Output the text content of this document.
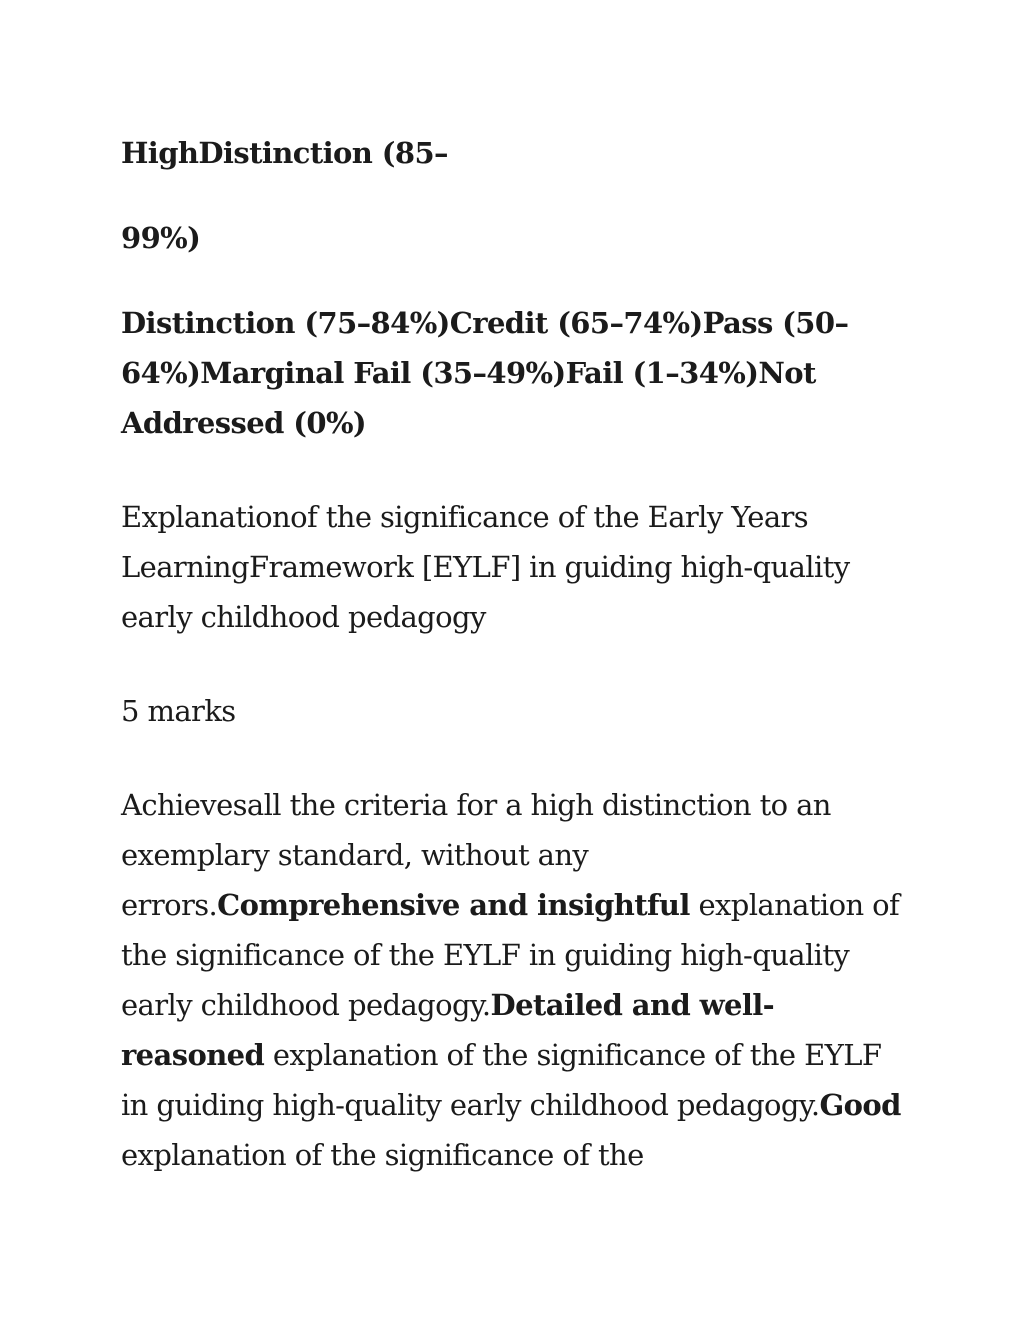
HighDistinction (85–

99%)

Distinction (75–84%)Credit (65–74%)Pass (50–64%)Marginal Fail (35–49%)Fail (1–34%)Not Addressed (0%)

Explanationof the significance of the Early Years LearningFramework [EYLF] in guiding high-quality early childhood pedagogy

5 marks

Achievesall the criteria for a high distinction to an exemplary standard, without any errors.Comprehensive and insightful explanation of the significance of the EYLF in guiding high-quality early childhood pedagogy.Detailed and well-reasoned explanation of the significance of the EYLF in guiding high-quality early childhood pedagogy.Good explanation of the significance of the
